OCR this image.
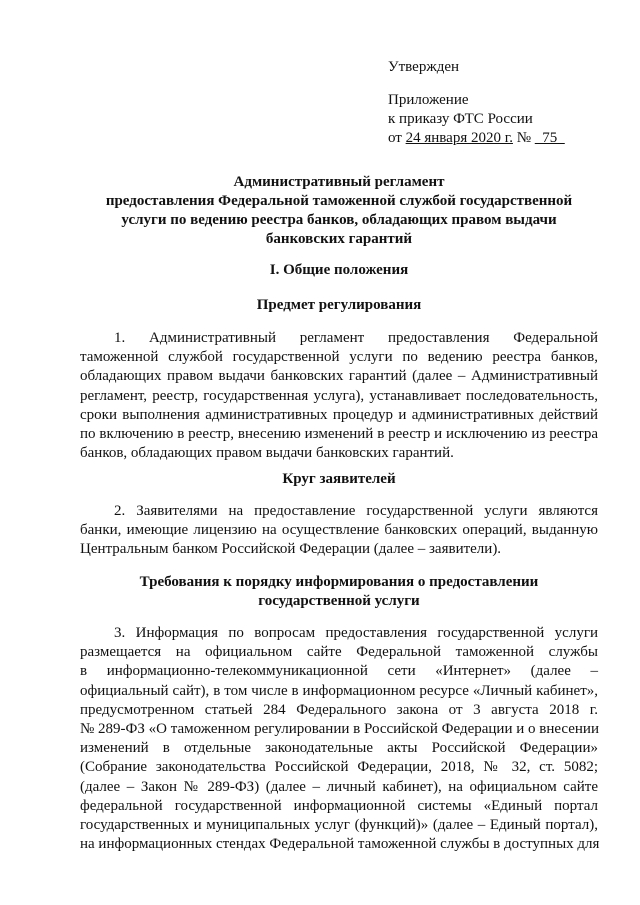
Утвержден
Приложение
к приказу ФТС России
от 24 января 2020 г. №   75
Административный регламент
предоставления Федеральной таможенной службой государственной
услуги по ведению реестра банков, обладающих правом выдачи
банковских гарантий
I. Общие положения
Предмет регулирования
1. Административный регламент предоставления Федеральной
таможенной службой государственной услуги по ведению реестра банков,
обладающих правом выдачи банковских гарантий (далее – Административный
регламент, реестр, государственная услуга), устанавливает последовательность,
сроки выполнения административных процедур и административных действий
по включению в реестр, внесению изменений в реестр и исключению из реестра
банков, обладающих правом выдачи банковских гарантий.
Круг заявителей
2. Заявителями на предоставление государственной услуги являются
банки, имеющие лицензию на осуществление банковских операций, выданную
Центральным банком Российской Федерации (далее – заявители).
Требования к порядку информирования о предоставлении
государственной услуги
3. Информация по вопросам предоставления государственной услуги
размещается на официальном сайте Федеральной таможенной службы
в информационно-телекоммуникационной сети «Интернет» (далее –
официальный сайт), в том числе в информационном ресурсе «Личный кабинет»,
предусмотренном статьей 284 Федерального закона от 3 августа 2018 г.
№ 289-ФЗ «О таможенном регулировании в Российской Федерации и о внесении
изменений в отдельные законодательные акты Российской Федерации»
(Собрание законодательства Российской Федерации, 2018, № 32, ст. 5082;
(далее – Закон № 289-ФЗ) (далее – личный кабинет), на официальном сайте
федеральной государственной информационной системы «Единый портал
государственных и муниципальных услуг (функций)» (далее – Единый портал),
на информационных стендах Федеральной таможенной службы в доступных для
